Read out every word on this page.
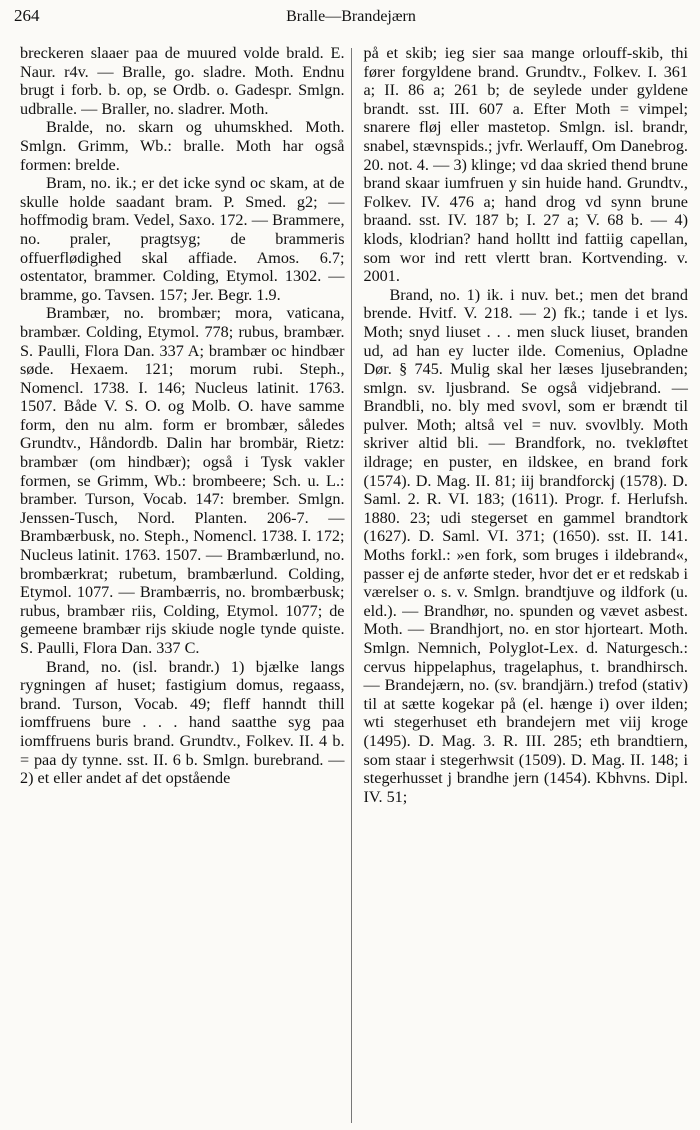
264	Bralle—Brandejærn

breckeren slaaer paa de muured volde brald. E. Naur. r4v. — Bralle, go. sladre. Moth. Endnu brugt i forb. b. op, se Ordb. o. Gadespr. Smlgn. udbralle. — Braller, no. sladrer. Moth.

Bralde, no. skarn og uhumskhed. Moth. Smlgn. Grimm, Wb.: bralle. Moth har også formen: brelde.

Bram, no. ik.; er det icke synd oc skam, at de skulle holde saadant bram. P. Smed. g2; — hoffmodig bram. Vedel, Saxo. 172. — Brammere, no. praler, pragtsyg; de brammeris offuerflødighed skal affiade. Amos. 6.7; ostentator, brammer. Colding, Etymol. 1302. — bramme, go. Tavsen. 157; Jer. Begr. 1.9.

Brambær, no. brombær; mora, vaticana, brambær. Colding, Etymol. 778; rubus, brambær. S. Paulli, Flora Dan. 337 A; brambær oc hindbær søde. Hexaem. 121; morum rubi. Steph., Nomencl. 1738. I. 146; Nucleus latinit. 1763. 1507. Både V. S. O. og Molb. O. have samme form, den nu alm. form er brombær, således Grundtv., Håndordb. Dalin har brombär, Rietz: brambær (om hindbær); også i Tysk vakler formen, se Grimm, Wb.: brombeere; Sch. u. L.: bramber. Turson, Vocab. 147: brember. Smlgn. Jenssen-Tusch, Nord. Planten. 206-7. — Brambærbusk, no. Steph., Nomencl. 1738. I. 172; Nucleus latinit. 1763. 1507. — Brambærlund, no. brombærkrat; rubetum, brambærlund. Colding, Etymol. 1077. — Brambærris, no. brombærbusk; rubus, brambær riis, Colding, Etymol. 1077; de gemeene brambær rijs skiude nogle tynde quiste. S. Paulli, Flora Dan. 337 C.

Brand, no. (isl. brandr.) 1) bjælke langs rygningen af huset; fastigium domus, regaass, brand. Turson, Vocab. 49; fleff hanndt thill iomffruens bure . . . hand saatthe syg paa iomffruens buris brand. Grundtv., Folkev. II. 4 b. = paa dy tynne. sst. II. 6 b. Smlgn. burebrand. — 2) et eller andet af det opstående

på et skib; ieg sier saa mange orlouff-skib, thi fører forgyldene brand. Grundtv., Folkev. I. 361 a; II. 86 a; 261 b; de seylede under gyldene brandt. sst. III. 607 a. Efter Moth = vimpel; snarere fløj eller mastetop. Smlgn. isl. brandr, snabel, stævnspids.; jvfr. Werlauff, Om Danebrog. 20. not. 4. — 3) klinge; vd daa skried thend brune brand skaar iumfruen y sin huide hand. Grundtv., Folkev. IV. 476 a; hand drog vd synn brune braand. sst. IV. 187 b; I. 27 a; V. 68 b. — 4) klods, klodrian? hand holltt ind fattiig capellan, som wor ind rett vlertt bran. Kortvending. v. 2001.

Brand, no. 1) ik. i nuv. bet.; men det brand brende. Hvitf. V. 218. — 2) fk.; tande i et lys. Moth; snyd liuset . . . men sluck liuset, branden ud, ad han ey lucter ilde. Comenius, Opladne Dør. § 745. Mulig skal her læses ljusebranden; smlgn. sv. ljusbrand. Se også vidjebrand. — Brandbli, no. bly med svovl, som er brændt til pulver. Moth; altså vel = nuv. svovlbly. Moth skriver altid bli. — Brandfork, no. tvekløftet ildrage; en puster, en ildskee, en brand fork (1574). D. Mag. II. 81; iij brandforckj (1578). D. Saml. 2. R. VI. 183; (1611). Progr. f. Herlufsh. 1880. 23; udi stegerset en gammel brandtork (1627). D. Saml. VI. 371; (1650). sst. II. 141. Moths forkl.: »en fork, som bruges i ildebrand«, passer ej de anførte steder, hvor det er et redskab i værelser o. s. v. Smlgn. brandtjuve og ildfork (u. eld.). — Brandhør, no. spunden og vævet asbest. Moth. — Brandhjort, no. en stor hjorteart. Moth. Smlgn. Nemnich, Polyglot-Lex. d. Naturgesch.: cervus hippelaphus, tragelaphus, t. brandhirsch. — Brandejærn, no. (sv. brandjärn.) trefod (stativ) til at sætte kogekar på (el. hænge i) over ilden; wti stegerhuset eth brandejern met viij kroge (1495). D. Mag. 3. R. III. 285; eth brandtiern, som staar i stegerhwsit (1509). D. Mag. II. 148; i stegerhusset j brandhe jern (1454). Kbhvns. Dipl. IV. 51;
